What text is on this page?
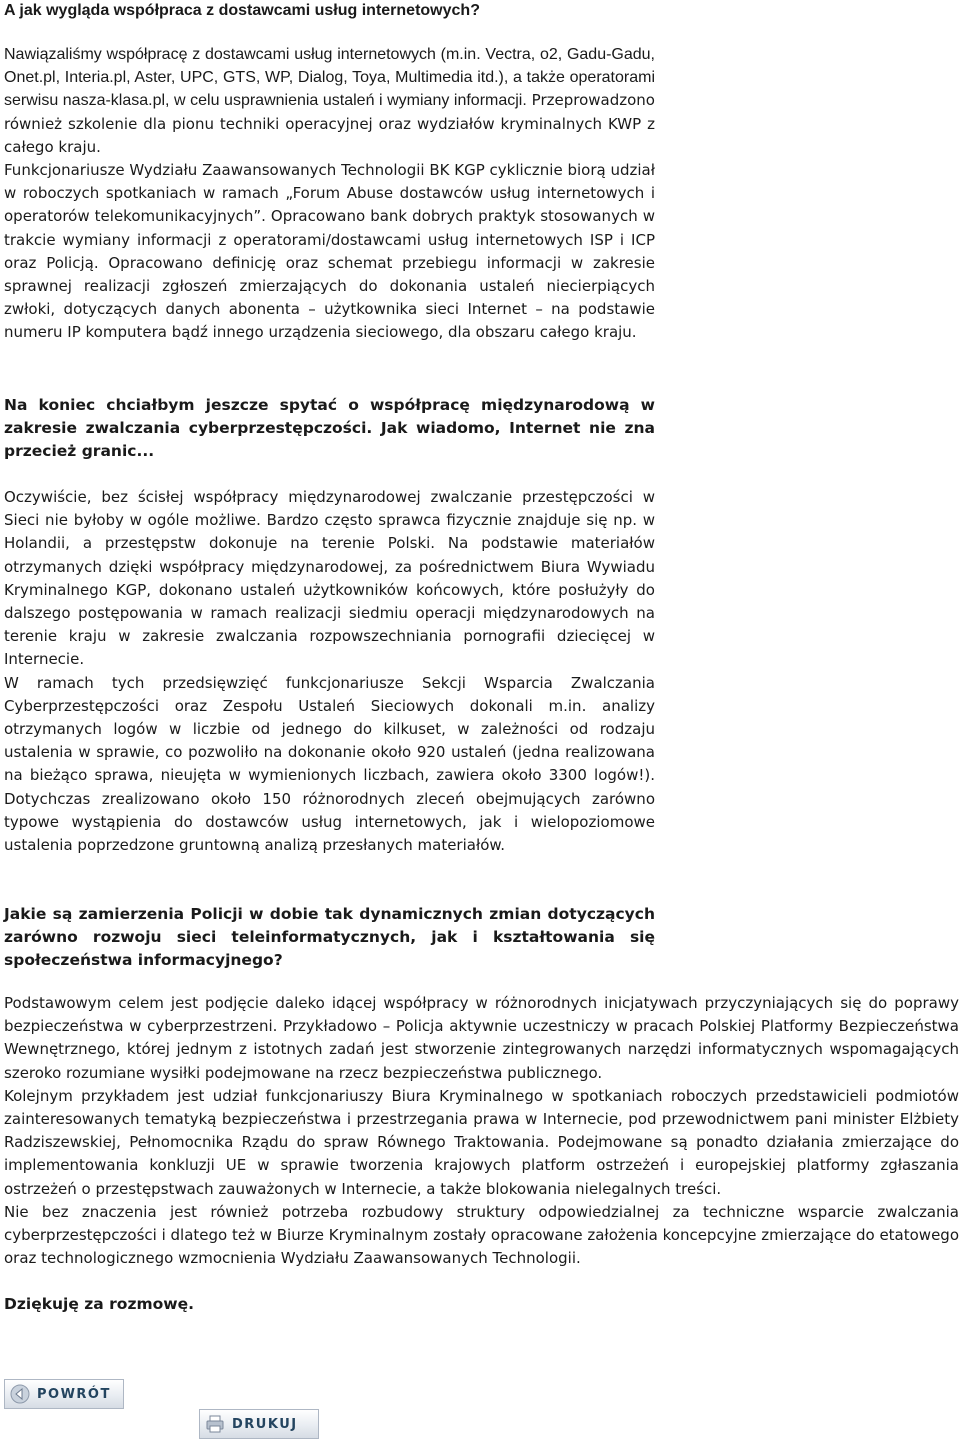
A jak wygląda współpraca z dostawcami usług internetowych?

Nawiązaliśmy współpracę z dostawcami usług internetowych (m.in. Vectra, o2, Gadu-Gadu, Onet.pl, Interia.pl, Aster, UPC, GTS, WP, Dialog, Toya, Multimedia itd.), a także operatorami serwisu nasza-klasa.pl, w celu usprawnienia ustaleń i wymiany informacji. Przeprowadzono również szkolenie dla pionu techniki operacyjnej oraz wydziałów kryminalnych KWP z całego kraju.

Funkcjonariusze Wydziału Zaawansowanych Technologii BK KGP cyklicznie biorą udział w roboczych spotkaniach w ramach „Forum Abuse dostawców usług internetowych i operatorów telekomunikacyjnych”. Opracowano bank dobrych praktyk stosowanych w trakcie wymiany informacji z operatorami/dostawcami usług internetowych ISP i ICP oraz Policją. Opracowano definicję oraz schemat przebiegu informacji w zakresie sprawnej realizacji zgłoszeń zmierzających do dokonania ustaleń niecierpiących zwłoki, dotyczących danych abonenta – użytkownika sieci Internet – na podstawie numeru IP komputera bądź innego urządzenia sieciowego, dla obszaru całego kraju.

Na koniec chciałbym jeszcze spytać o współpracę międzynarodową w zakresie zwalczania cyberprzestępczości. Jak wiadomo, Internet nie zna przecież granic...

Oczywiście, bez ścisłej współpracy międzynarodowej zwalczanie przestępczości w Sieci nie byłoby w ogóle możliwe. Bardzo często sprawca fizycznie znajduje się np. w Holandii, a przestępstw dokonuje na terenie Polski. Na podstawie materiałów otrzymanych dzięki współpracy międzynarodowej, za pośrednictwem Biura Wywiadu Kryminalnego KGP, dokonano ustaleń użytkowników końcowych, które posłużyły do dalszego postępowania w ramach realizacji siedmiu operacji międzynarodowych na terenie kraju w zakresie zwalczania rozpowszechniania pornografii dziecięcej w Internecie.

W ramach tych przedsięwzięć funkcjonariusze Sekcji Wsparcia Zwalczania Cyberprzestępczości oraz Zespołu Ustaleń Sieciowych dokonali m.in. analizy otrzymanych logów w liczbie od jednego do kilkuset, w zależności od rodzaju ustalenia w sprawie, co pozwoliło na dokonanie około 920 ustaleń (jedna realizowana na bieżąco sprawa, nieujęta w wymienionych liczbach, zawiera około 3300 logów!). Dotychczas zrealizowano około 150 różnorodnych zleceń obejmujących zarówno typowe wystąpienia do dostawców usług internetowych, jak i wielopoziomowe ustalenia poprzedzone gruntowną analizą przesłanych materiałów.

Jakie są zamierzenia Policji w dobie tak dynamicznych zmian dotyczących zarówno rozwoju sieci teleinformatycznych, jak i kształtowania się społeczeństwa informacyjnego?

Podstawowym celem jest podjęcie daleko idącej współpracy w różnorodnych inicjatywach przyczyniających się do poprawy bezpieczeństwa w cyberprzestrzeni. Przykładowo – Policja aktywnie uczestniczy w pracach Polskiej Platformy Bezpieczeństwa Wewnętrznego, której jednym z istotnych zadań jest stworzenie zintegrowanych narzędzi informatycznych wspomagających szeroko rozumiane wysiłki podejmowane na rzecz bezpieczeństwa publicznego.

Kolejnym przykładem jest udział funkcjonariuszy Biura Kryminalnego w spotkaniach roboczych przedstawicieli podmiotów zainteresowanych tematyką bezpieczeństwa i przestrzegania prawa w Internecie, pod przewodnictwem pani minister Elżbiety Radziszewskiej, Pełnomocnika Rządu do spraw Równego Traktowania. Podejmowane są ponadto działania zmierzające do implementowania konkluzji UE w sprawie tworzenia krajowych platform ostrzeżeń i europejskiej platformy zgłaszania ostrzeżeń o przestępstwach zauważonych w Internecie, a także blokowania nielegalnych treści.

Nie bez znaczenia jest również potrzeba rozbudowy struktury odpowiedzialnej za techniczne wsparcie zwalczania cyberprzestępczości i dlatego też w Biurze Kryminalnym zostały opracowane założenia koncepcyjne zmierzające do etatowego oraz technologicznego wzmocnienia Wydziału Zaawansowanych Technologii.

Dziękuję za rozmowę.

POWRÓT
DRUKUJ
